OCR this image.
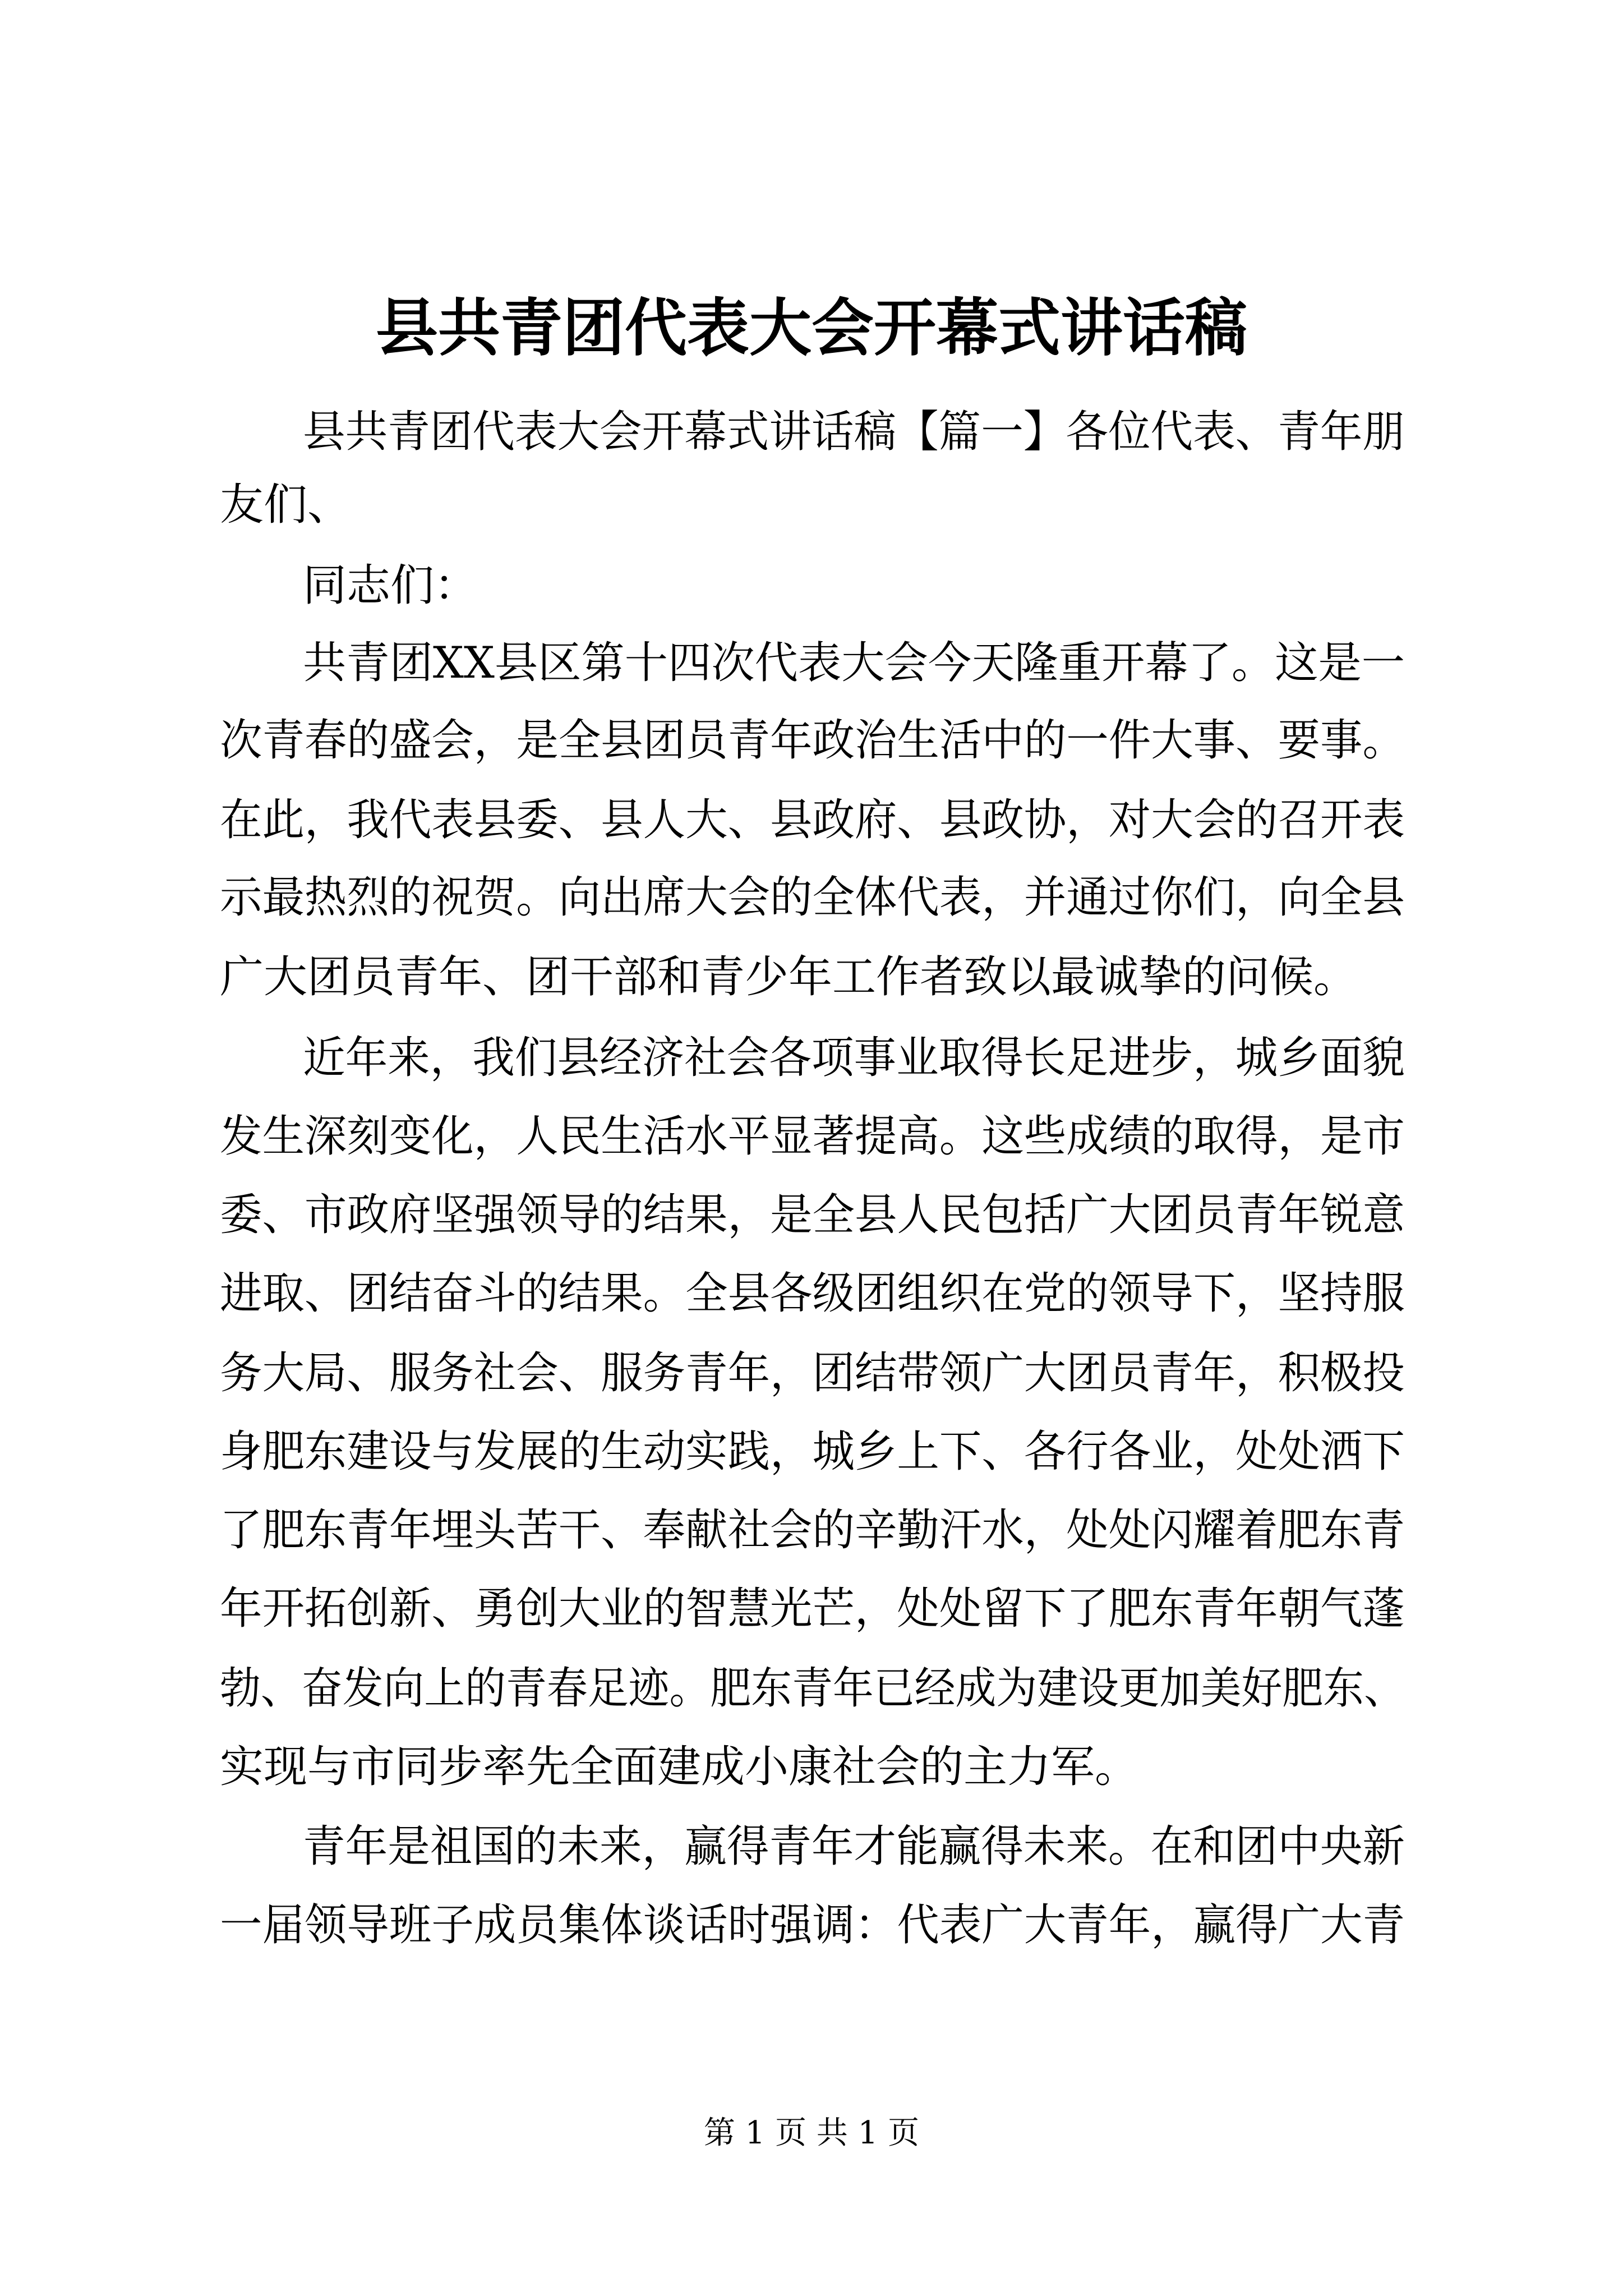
县共青团代表大会开幕式讲话稿
县共青团代表大会开幕式讲话稿【篇一】各位代表、青年朋
友们、
同志们：
共青团XX县区第十四次代表大会今天隆重开幕了。这是一
次青春的盛会，是全县团员青年政治生活中的一件大事、要事。
在此，我代表县委、县人大、县政府、县政协，对大会的召开表
示最热烈的祝贺。向出席大会的全体代表，并通过你们，向全县
广大团员青年、团干部和青少年工作者致以最诚挚的问候。
近年来，我们县经济社会各项事业取得长足进步，城乡面貌
发生深刻变化，人民生活水平显著提高。这些成绩的取得，是市
委、市政府坚强领导的结果，是全县人民包括广大团员青年锐意
进取、团结奋斗的结果。全县各级团组织在党的领导下，坚持服
务大局、服务社会、服务青年，团结带领广大团员青年，积极投
身肥东建设与发展的生动实践，城乡上下、各行各业，处处洒下
了肥东青年埋头苦干、奉献社会的辛勤汗水，处处闪耀着肥东青
年开拓创新、勇创大业的智慧光芒，处处留下了肥东青年朝气蓬
勃、奋发向上的青春足迹。肥东青年已经成为建设更加美好肥东、
实现与市同步率先全面建成小康社会的主力军。
青年是祖国的未来，赢得青年才能赢得未来。在和团中央新
一届领导班子成员集体谈话时强调：代表广大青年，赢得广大青
第 1 页 共 1 页
